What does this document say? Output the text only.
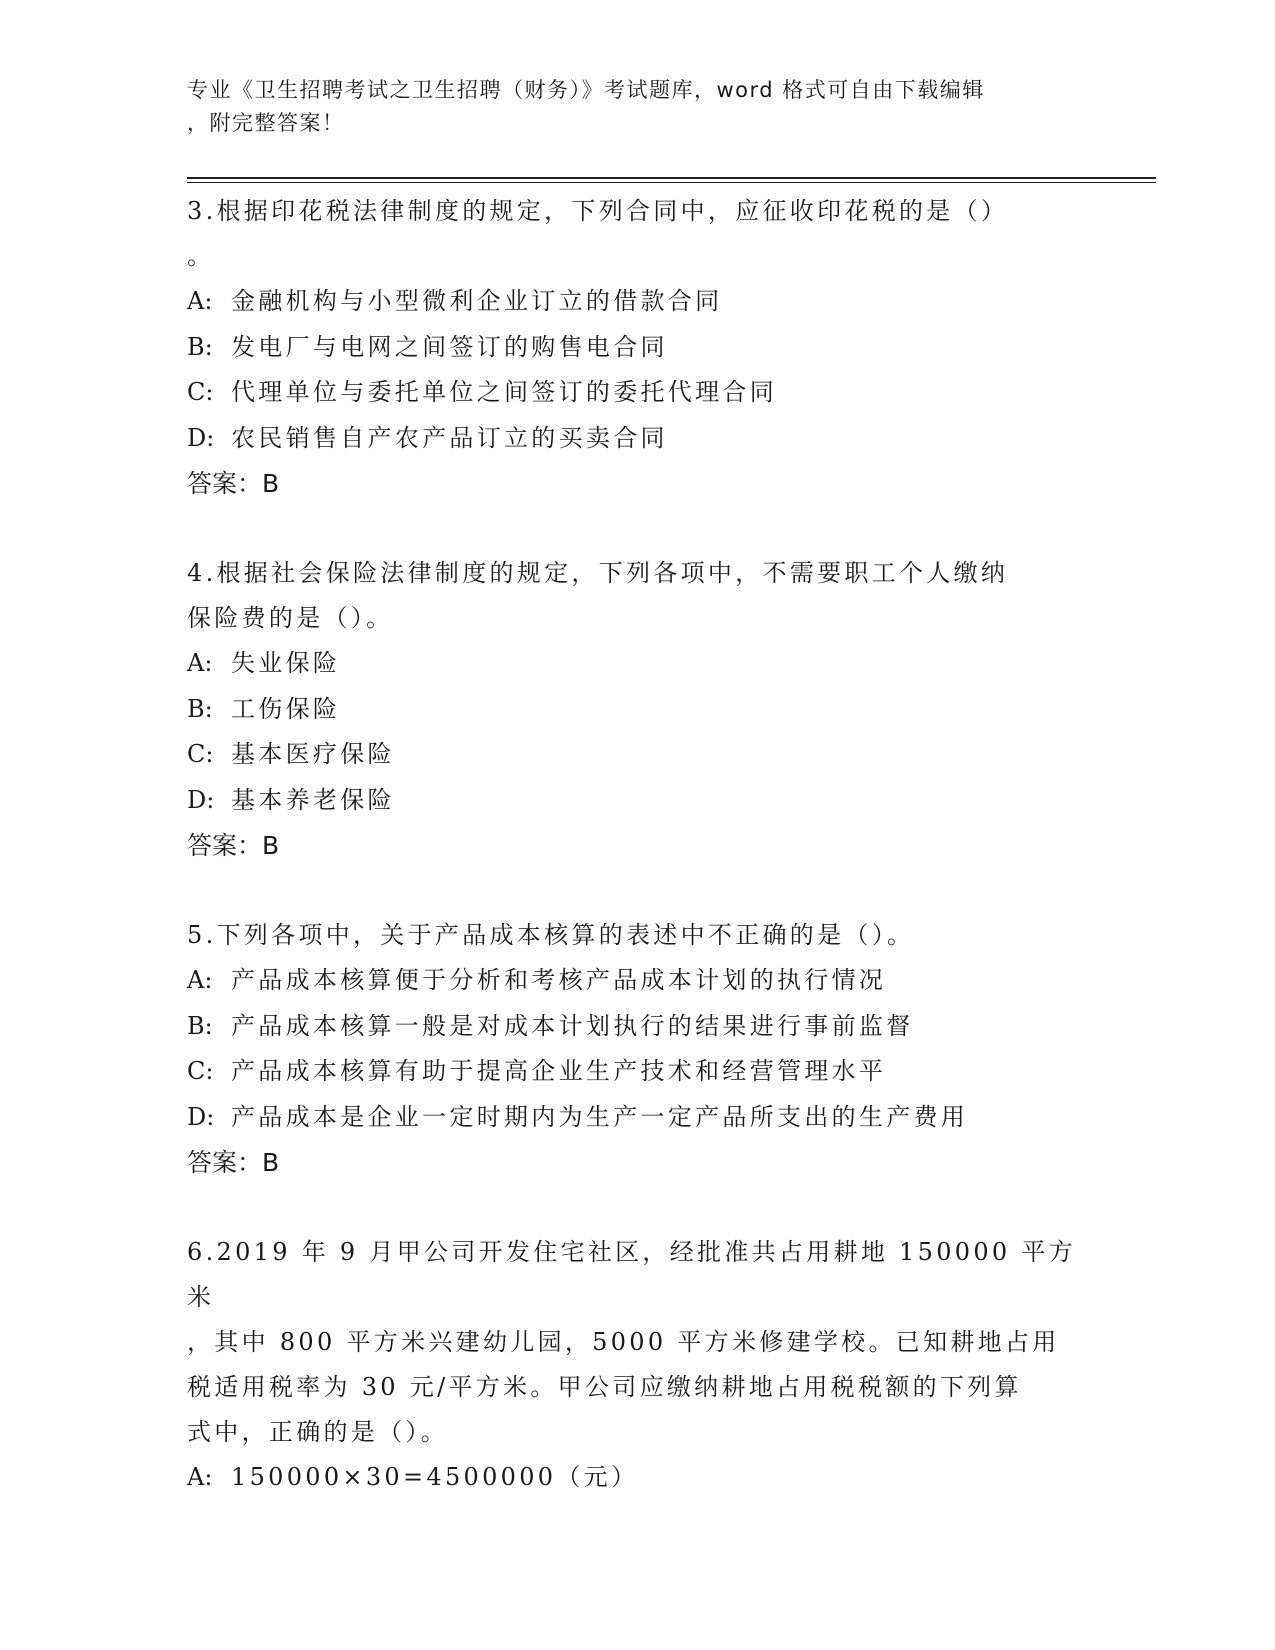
专业《卫生招聘考试之卫生招聘（财务）》考试题库，word 格式可自由下载编辑
，附完整答案！

3.根据印花税法律制度的规定，下列合同中，应征收印花税的是（）

。

A: 金融机构与小型微利企业订立的借款合同

B: 发电厂与电网之间签订的购售电合同

C: 代理单位与委托单位之间签订的委托代理合同

D: 农民销售自产农产品订立的买卖合同

答案：B

4.根据社会保险法律制度的规定，下列各项中，不需要职工个人缴纳

保险费的是（）。

A: 失业保险

B: 工伤保险

C: 基本医疗保险

D: 基本养老保险

答案：B

5.下列各项中，关于产品成本核算的表述中不正确的是（）。

A: 产品成本核算便于分析和考核产品成本计划的执行情况

B: 产品成本核算一般是对成本计划执行的结果进行事前监督

C: 产品成本核算有助于提高企业生产技术和经营管理水平

D: 产品成本是企业一定时期内为生产一定产品所支出的生产费用

答案：B

6.2019 年 9 月甲公司开发住宅社区，经批准共占用耕地 150000 平方米

，其中 800 平方米兴建幼儿园，5000 平方米修建学校。已知耕地占用

税适用税率为 30 元/平方米。甲公司应缴纳耕地占用税税额的下列算

式中，正确的是（）。

A: 150000×30=4500000（元）
